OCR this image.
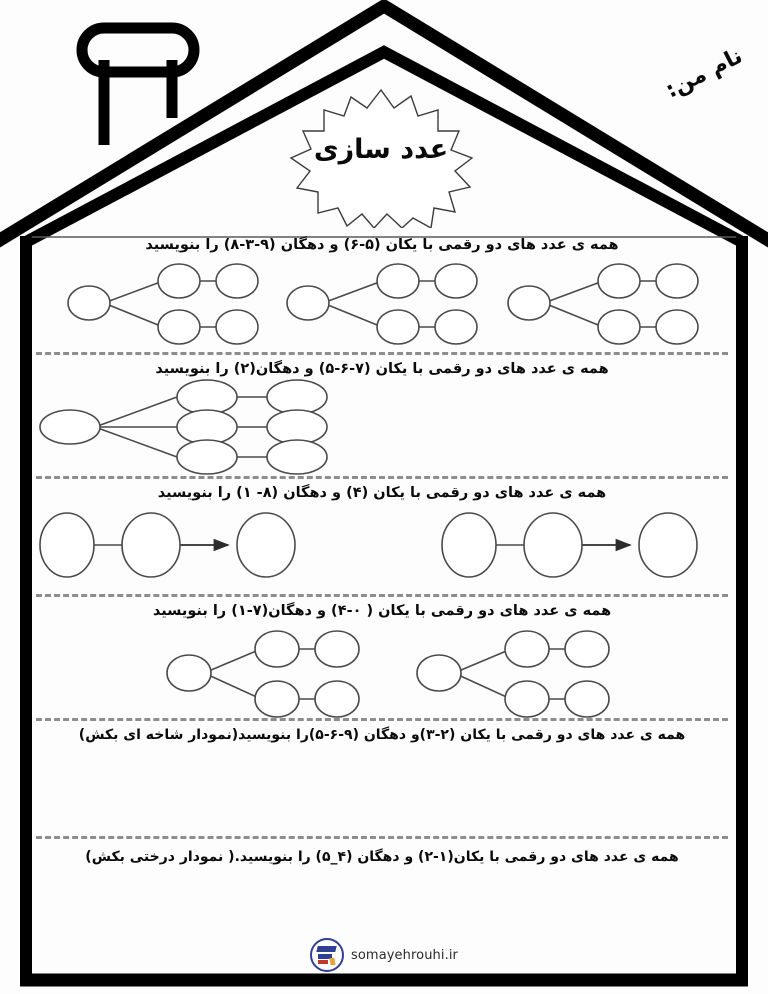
عدد سازی
نام من:
همه ی عدد های دو رقمی با یکان (۵-۶) و دهگان (۹-۳-۸) را بنویسید
همه ی عدد های دو رقمی با یکان (۷-۶-۵) و دهگان(۲) را بنویسید
همه ی عدد های دو رقمی با یکان (۴) و دهگان (۸- ۱) را بنویسید
همه ی عدد های دو رقمی با یکان ( ۰-۴) و دهگان(۷-۱) را بنویسید
همه ی عدد های دو رقمی با یکان (۲-۳)و دهگان (۹-۶-۵)را بنویسید(نمودار شاخه ای بکش)
همه ی عدد های دو رقمی با یکان(۱-۲) و دهگان (۴_۵) را بنویسید.( نمودار درختی بکش)
somayehrouhi.ir
